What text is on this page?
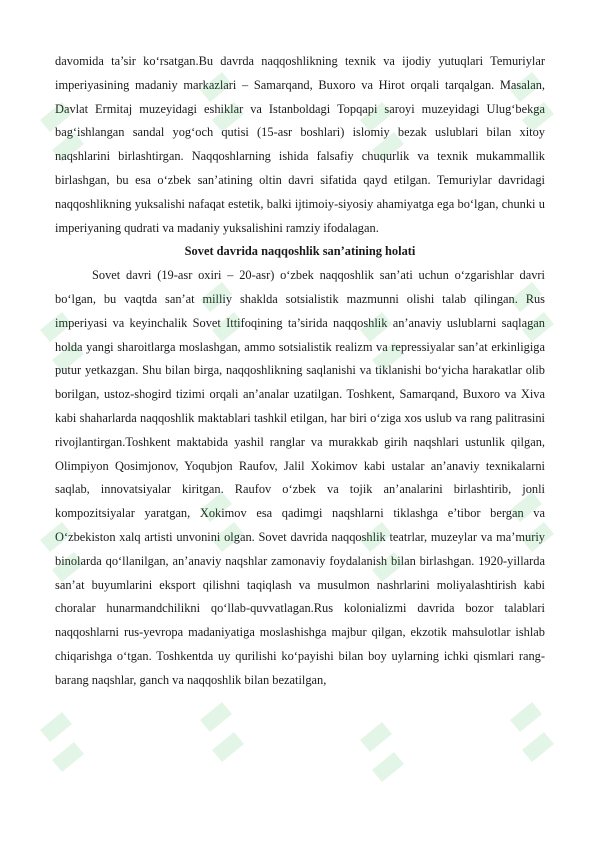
davomida ta’sir ko‘rsatgan.Bu davrda naqqoshlikning texnik va ijodiy yutuqlari Temuriylar imperiyasining madaniy markazlari – Samarqand, Buxoro va Hirot orqali tarqalgan. Masalan, Davlat Ermitaj muzeyidagi eshiklar va Istanboldagi Topqapi saroyi muzeyidagi Ulug‘bekga bag‘ishlangan sandal yog‘och qutisi (15-asr boshlari) islomiy bezak uslublari bilan xitoy naqshlarini birlashtirgan. Naqqoshlarning ishida falsafiy chuqurlik va texnik mukammallik birlashgan, bu esa o‘zbek san’atining oltin davri sifatida qayd etilgan. Temuriylar davridagi naqqoshlikning yuksalishi nafaqat estetik, balki ijtimoiy-siyosiy ahamiyatga ega bo‘lgan, chunki u imperiyaning qudrati va madaniy yuksalishini ramziy ifodalagan.

Sovet davrida naqqoshlik san’atining holati

Sovet davri (19-asr oxiri – 20-asr) o‘zbek naqqoshlik san’ati uchun o‘zgarishlar davri bo‘lgan, bu vaqtda san’at milliy shaklda sotsialistik mazmunni olishi talab qilingan. Rus imperiyasi va keyinchalik Sovet Ittifoqining ta’sirida naqqoshlik an’anaviy uslublarni saqlagan holda yangi sharoitlarga moslashgan, ammo sotsialistik realizm va repressiyalar san’at erkinligiga putur yetkazgan. Shu bilan birga, naqqoshlikning saqlanishi va tiklanishi bo‘yicha harakatlar olib borilgan, ustoz-shogird tizimi orqali an’analar uzatilgan. Toshkent, Samarqand, Buxoro va Xiva kabi shaharlarda naqqoshlik maktablari tashkil etilgan, har biri o‘ziga xos uslub va rang palitrasini rivojlantirgan.Toshkent maktabida yashil ranglar va murakkab girih naqshlari ustunlik qilgan, Olimpiyon Qosimjonov, Yoqubjon Raufov, Jalil Xokimov kabi ustalar an’anaviy texnikalarni saqlab, innovatsiyalar kiritgan. Raufov o‘zbek va tojik an’analarini birlashtirib, jonli kompozitsiyalar yaratgan, Xokimov esa qadimgi naqshlarni tiklashga e’tibor bergan va O‘zbekiston xalq artisti unvonini olgan. Sovet davrida naqqoshlik teatrlar, muzeylar va ma’muriy binolarda qo‘llanilgan, an’anaviy naqshlar zamonaviy foydalanish bilan birlashgan. 1920-yillarda san’at buyumlarini eksport qilishni taqiqlash va musulmon nashrlarini moliyalashtirish kabi choralar hunarmandchilikni qo‘llab-quvvatlagan.Rus kolonializmi davrida bozor talablari naqqoshlarni rus-yevropa madaniyatiga moslashishga majbur qilgan, ekzotik mahsulotlar ishlab chiqarishga o‘tgan. Toshkentda uy qurilishi ko‘payishi bilan boy uylarning ichki qismlari rang-barang naqshlar, ganch va naqqoshlik bilan bezatilgan,
